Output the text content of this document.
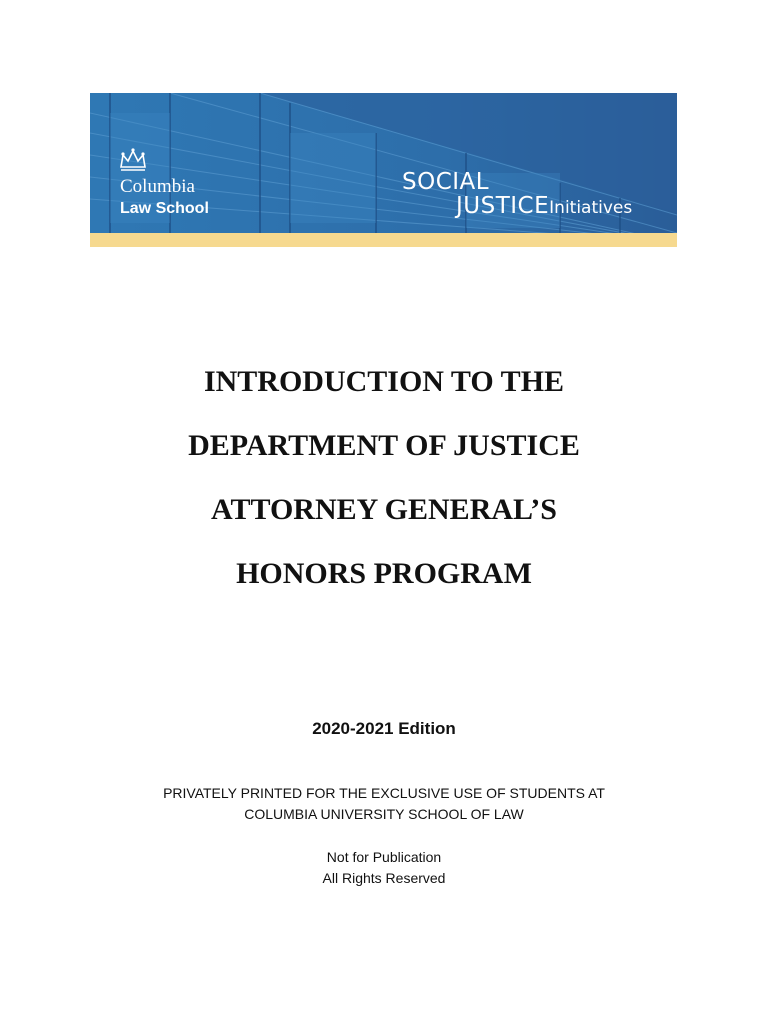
Columbia
Law School
SOCIAL
JUSTICEInitiatives
INTRODUCTION TO THE
DEPARTMENT OF JUSTICE
ATTORNEY GENERAL’S
HONORS PROGRAM
2020-2021 Edition
PRIVATELY PRINTED FOR THE EXCLUSIVE USE OF STUDENTS AT
COLUMBIA UNIVERSITY SCHOOL OF LAW
Not for Publication
All Rights Reserved
